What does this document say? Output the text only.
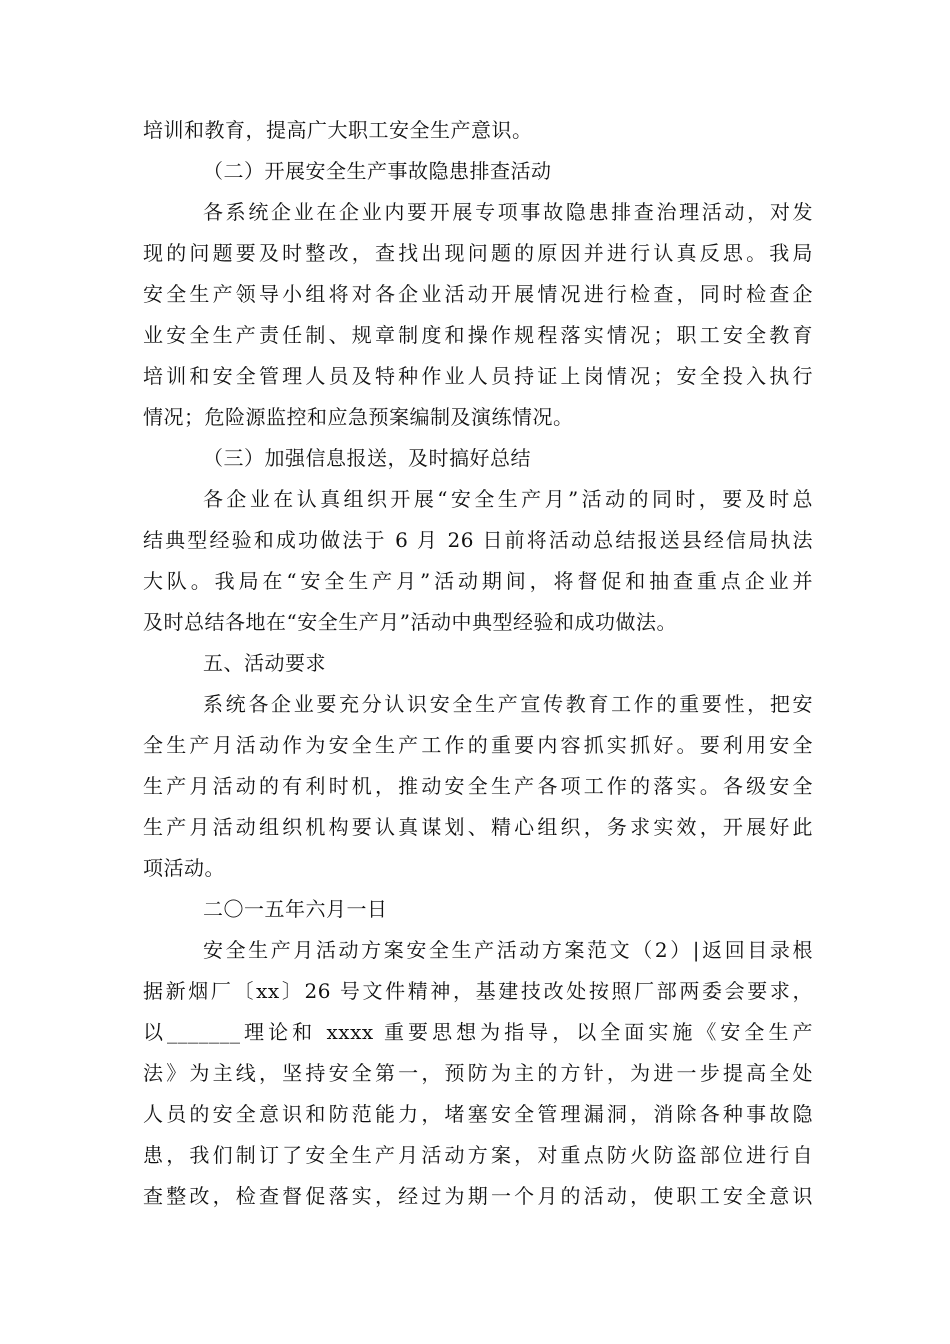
培训和教育，提高广大职工安全生产意识。
（二）开展安全生产事故隐患排查活动
各系统企业在企业内要开展专项事故隐患排查治理活动，对发
现的问题要及时整改，查找出现问题的原因并进行认真反思。我局
安全生产领导小组将对各企业活动开展情况进行检查，同时检查企
业安全生产责任制、规章制度和操作规程落实情况；职工安全教育
培训和安全管理人员及特种作业人员持证上岗情况；安全投入执行
情况；危险源监控和应急预案编制及演练情况。
（三）加强信息报送，及时搞好总结
各企业在认真组织开展“安全生产月”活动的同时，要及时总
结典型经验和成功做法于 6 月 26 日前将活动总结报送县经信局执法
大队。我局在“安全生产月”活动期间，将督促和抽查重点企业并
及时总结各地在“安全生产月”活动中典型经验和成功做法。
五、活动要求
系统各企业要充分认识安全生产宣传教育工作的重要性，把安
全生产月活动作为安全生产工作的重要内容抓实抓好。要利用安全
生产月活动的有利时机，推动安全生产各项工作的落实。各级安全
生产月活动组织机构要认真谋划、精心组织，务求实效，开展好此
项活动。
二〇一五年六月一日
安全生产月活动方案安全生产活动方案范文（2）|返回目录根
据新烟厂〔xx〕26 号文件精神，基建技改处按照厂部两委会要求，
以_______理论和 xxxx 重要思想为指导，以全面实施《安全生产
法》为主线，坚持安全第一，预防为主的方针，为进一步提高全处
人员的安全意识和防范能力，堵塞安全管理漏洞，消除各种事故隐
患，我们制订了安全生产月活动方案，对重点防火防盗部位进行自
查整改，检查督促落实，经过为期一个月的活动，使职工安全意识
